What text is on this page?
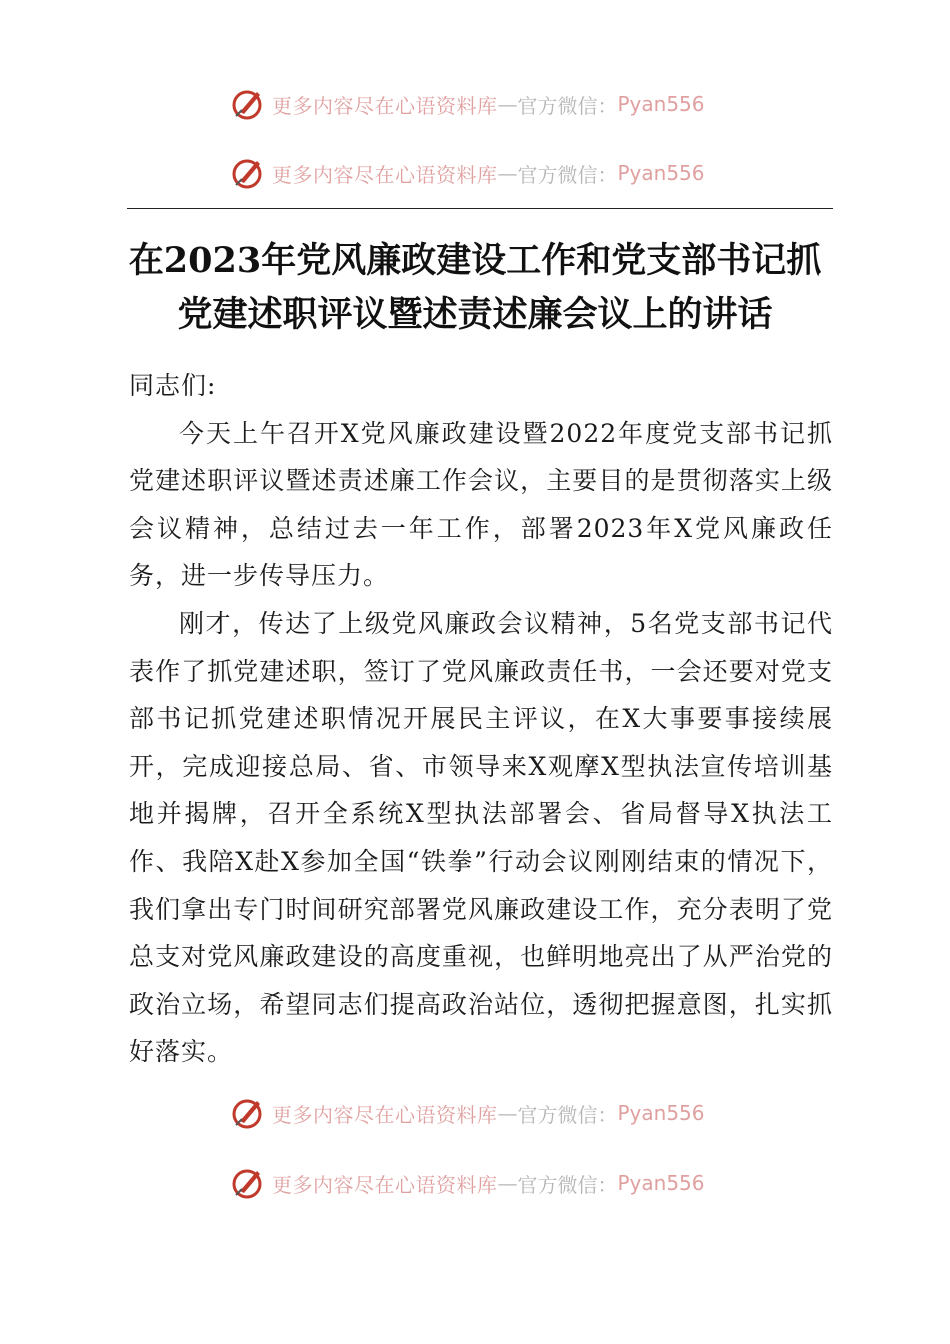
更多内容尽在心语资料库 — 官方微信： Pyan556
更多内容尽在心语资料库 — 官方微信： Pyan556
在2023年党风廉政建设工作和党支部书记抓
党建述职评议暨述责述廉会议上的讲话

同志们:

今天上午召开X党风廉政建设暨2022年度党支部书记抓党建述职评议暨述责述廉工作会议，主要目的是贯彻落实上级会议精神，总结过去一年工作，部署2023年X党风廉政任务，进一步传导压力。

刚才，传达了上级党风廉政会议精神，5名党支部书记代表作了抓党建述职，签订了党风廉政责任书，一会还要对党支部书记抓党建述职情况开展民主评议，在X大事要事接续展开，完成迎接总局、省、市领导来X观摩X型执法宣传培训基地并揭牌，召开全系统X型执法部署会、省局督导X执法工作、我陪X赴X参加全国“铁拳”行动会议刚刚结束的情况下，我们拿出专门时间研究部署党风廉政建设工作，充分表明了党总支对党风廉政建设的高度重视，也鲜明地亮出了从严治党的政治立场，希望同志们提高政治站位，透彻把握意图，扎实抓好落实。

更多内容尽在心语资料库 — 官方微信： Pyan556
更多内容尽在心语资料库 — 官方微信： Pyan556
